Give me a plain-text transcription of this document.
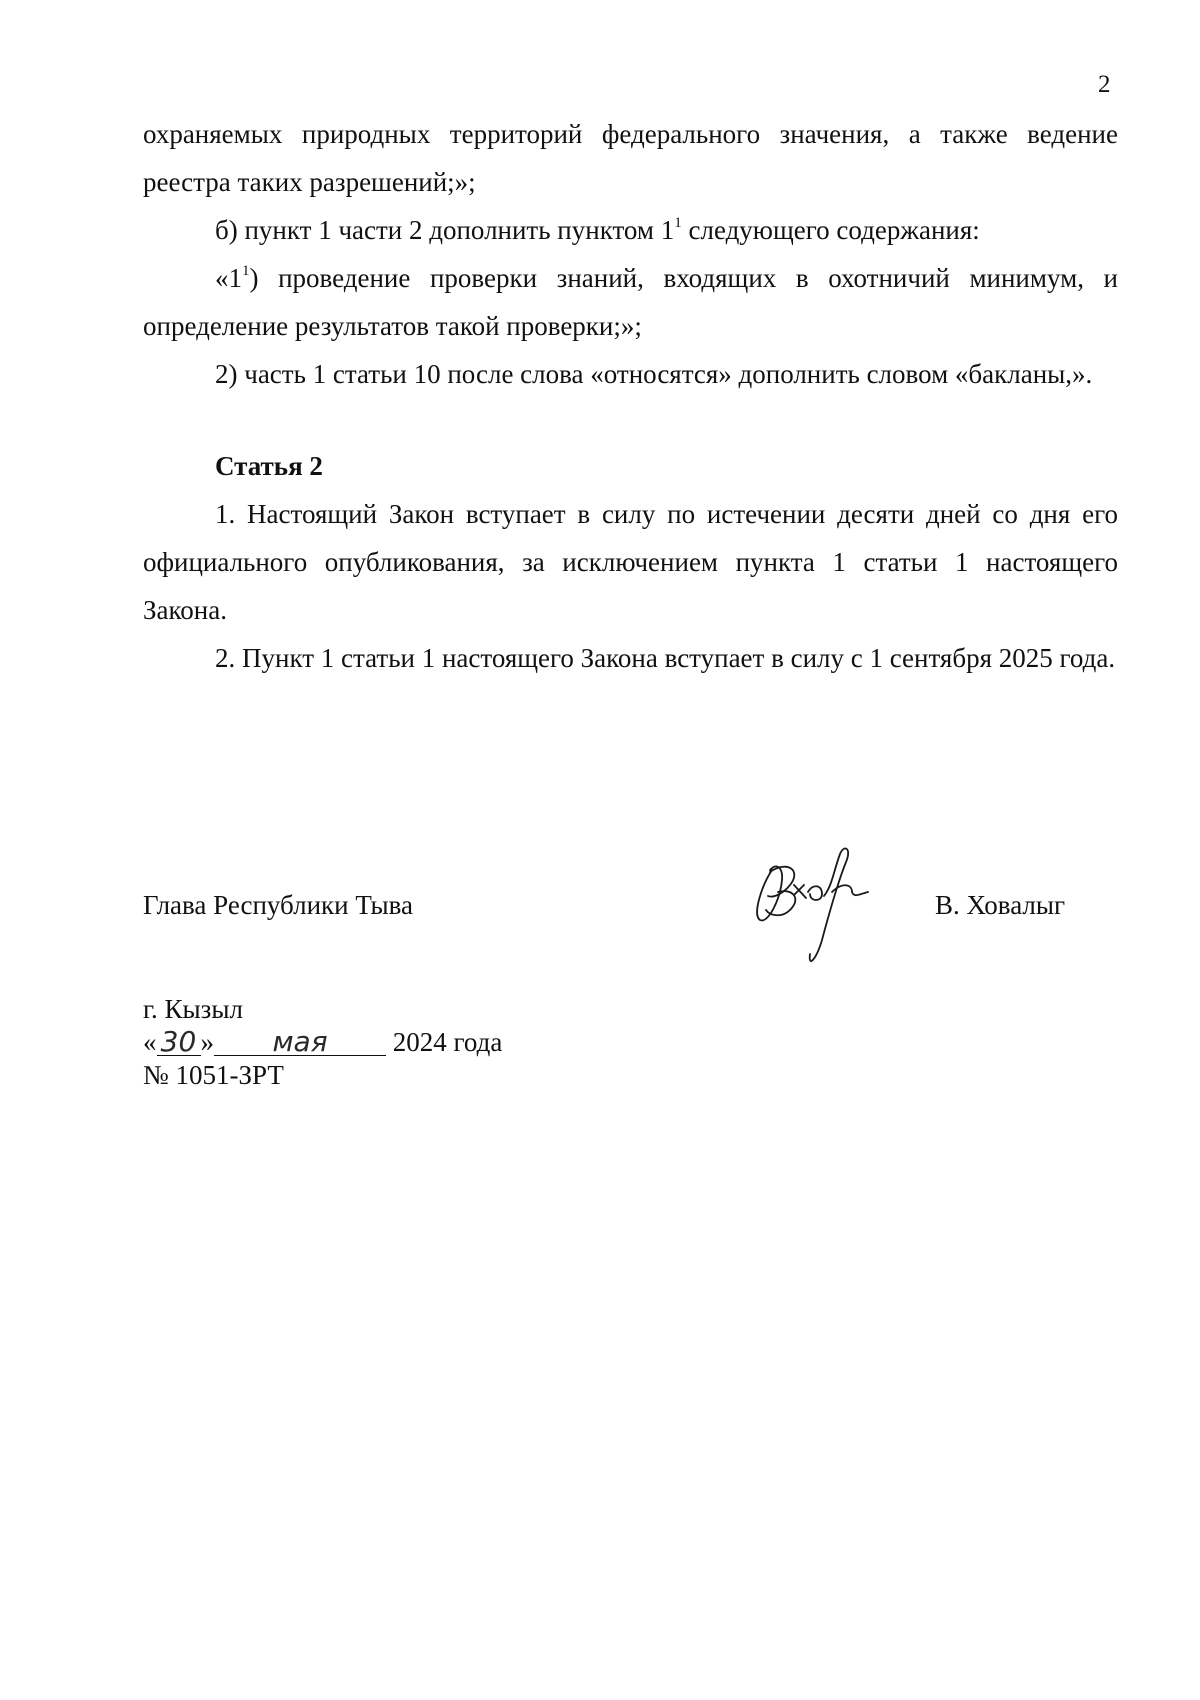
2

охраняемых природных территорий федерального значения, а также ведение реестра таких разрешений;»;

б) пункт 1 части 2 дополнить пунктом $1^1$ следующего содержания:

«$1^1$) проведение проверки знаний, входящих в охотничий минимум, и определение результатов такой проверки;»;

2) часть 1 статьи 10 после слова «относятся» дополнить словом «бакланы,».

Статья 2

1. Настоящий Закон вступает в силу по истечении десяти дней со дня его официального опубликования, за исключением пункта 1 статьи 1 настоящего Закона.

2. Пункт 1 статьи 1 настоящего Закона вступает в силу с 1 сентября 2025 года.

Глава Республики Тыва	В. Ховалыг
г. Кызыл
« 30 » мая 2024 года
№ 1051-ЗРТ
